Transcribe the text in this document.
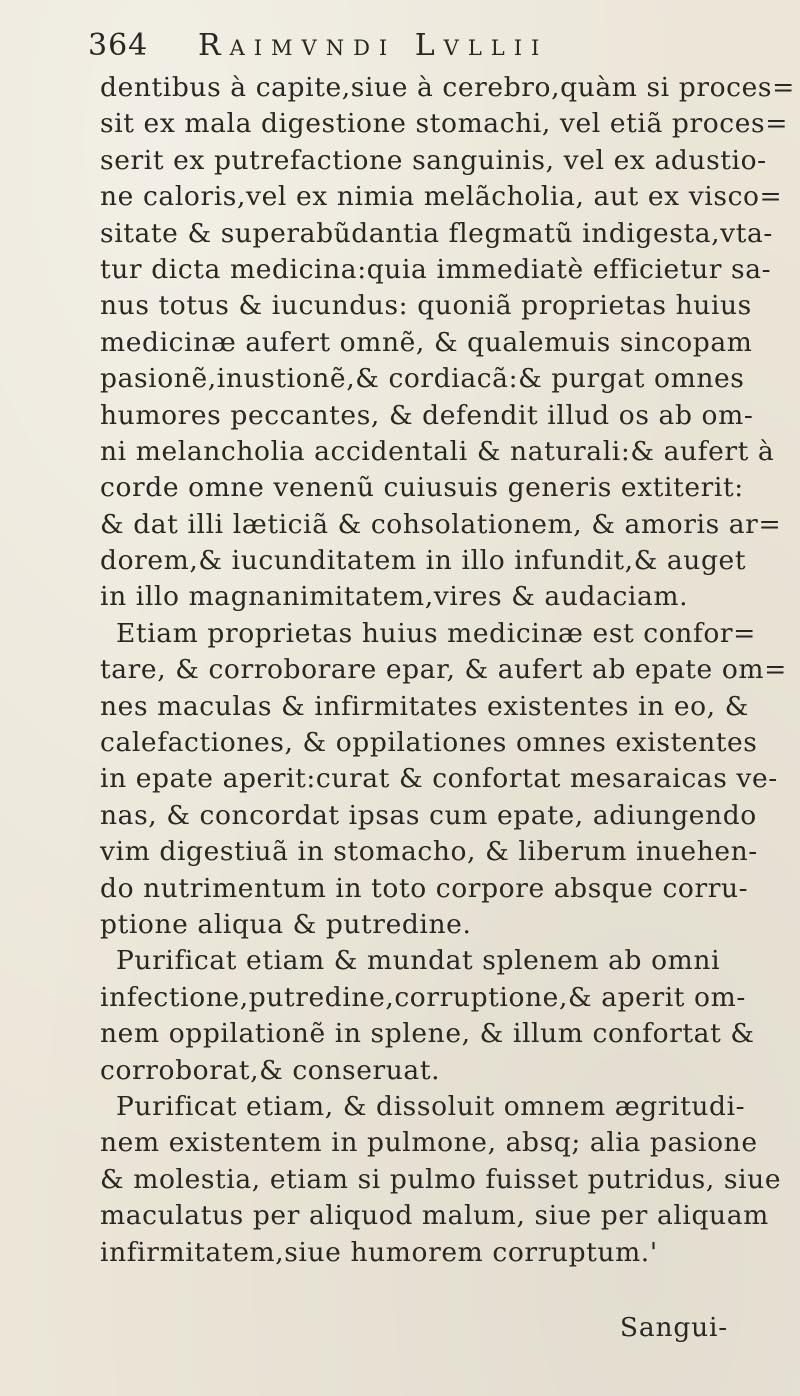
364	Raimvndi Lvllii
dentibus à capite,siue à cerebro,quàm si proces=
sit ex mala digestione stomachi, vel etiã proces=
serit ex putrefactione sanguinis, vel ex adustio-
ne caloris,vel ex nimia melãcholia, aut ex visco=
sitate & superabũdantia flegmatũ indigesta,vta-
tur dicta medicina:quia immediatè efficietur sa-
nus totus & iucundus: quoniã proprietas huius
medicinæ aufert omnẽ, & qualemuis sincopam
pasionẽ,inustionẽ,& cordiacã:& purgat omnes
humores peccantes, & defendit illud os ab om-
ni melancholia accidentali & naturali:& aufert à
corde omne venenũ cuiusuis generis extiterit:
& dat illi læticiã & cohsolationem, & amoris ar=
dorem,& iucunditatem in illo infundit,& auget
in illo magnanimitatem,vires & audaciam.
Etiam proprietas huius medicinæ est confor=
tare, & corroborare epar, & aufert ab epate om=
nes maculas & infirmitates existentes in eo, &
calefactiones, & oppilationes omnes existentes
in epate aperit:curat & confortat mesaraicas ve-
nas, & concordat ipsas cum epate, adiungendo
vim digestiuã in stomacho, & liberum inuehen-
do nutrimentum in toto corpore absque corru-
ptione aliqua & putredine.
Purificat etiam & mundat splenem ab omni
infectione,putredine,corruptione,& aperit om-
nem oppilationẽ in splene, & illum confortat &
corroborat,& conseruat.
Purificat etiam, & dissoluit omnem ægritudi-
nem existentem in pulmone, absq; alia pasione
& molestia, etiam si pulmo fuisset putridus, siue
maculatus per aliquod malum, siue per aliquam
infirmitatem,siue humorem corruptum.'
Sangui-
